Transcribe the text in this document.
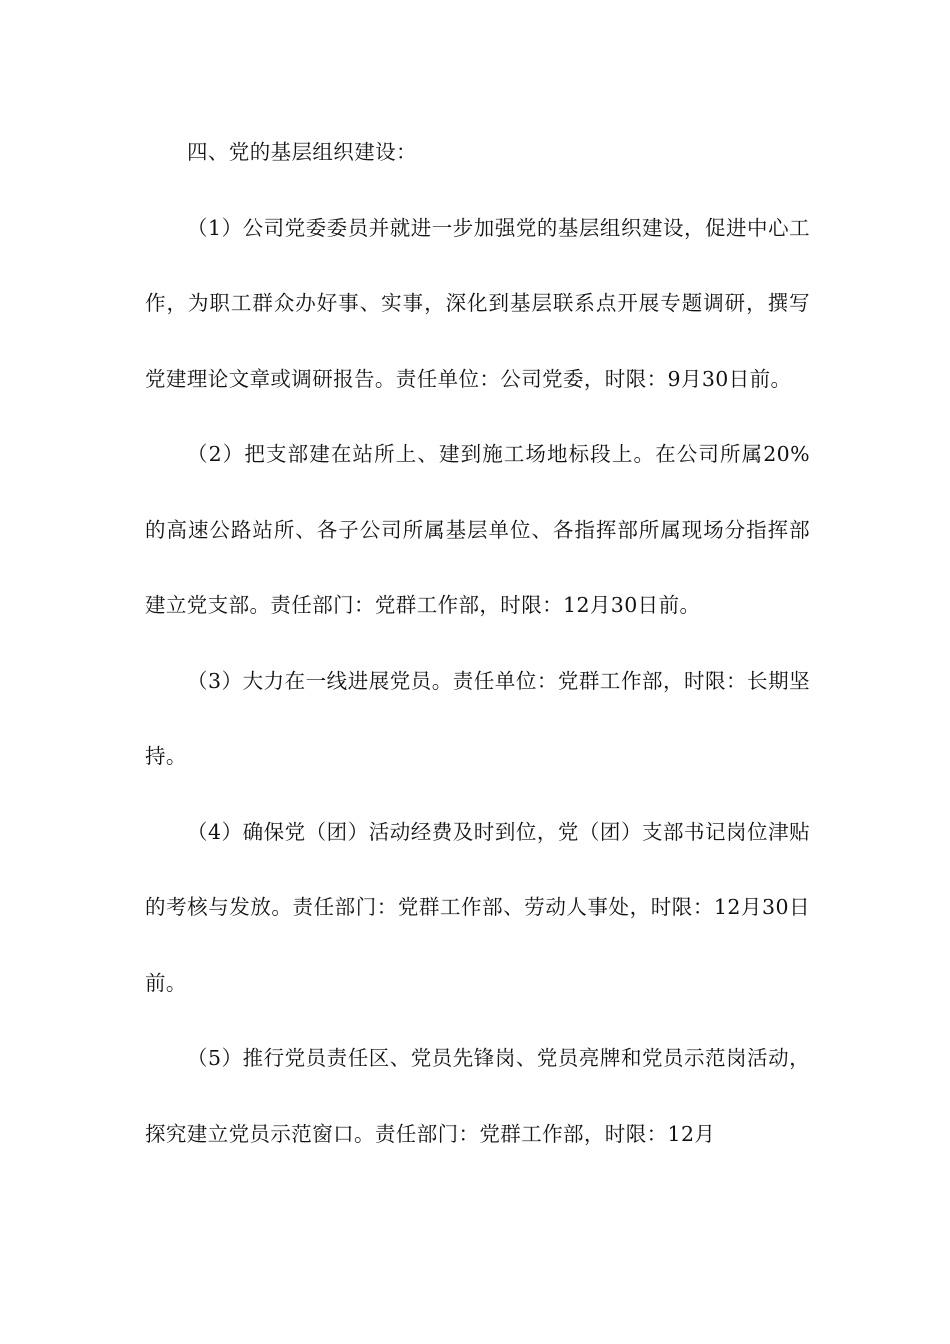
四、党的基层组织建设：

（1）公司党委委员并就进一步加强党的基层组织建设，促进中心工作，为职工群众办好事、实事，深化到基层联系点开展专题调研，撰写党建理论文章或调研报告。责任单位：公司党委，时限：9月30日前。

（2）把支部建在站所上、建到施工场地标段上。在公司所属20%的高速公路站所、各子公司所属基层单位、各指挥部所属现场分指挥部建立党支部。责任部门：党群工作部，时限：12月30日前。

（3）大力在一线进展党员。责任单位：党群工作部，时限：长期坚持。

（4）确保党（团）活动经费及时到位，党（团）支部书记岗位津贴的考核与发放。责任部门：党群工作部、劳动人事处，时限：12月30日前。

（5）推行党员责任区、党员先锋岗、党员亮牌和党员示范岗活动，探究建立党员示范窗口。责任部门：党群工作部，时限：12月
